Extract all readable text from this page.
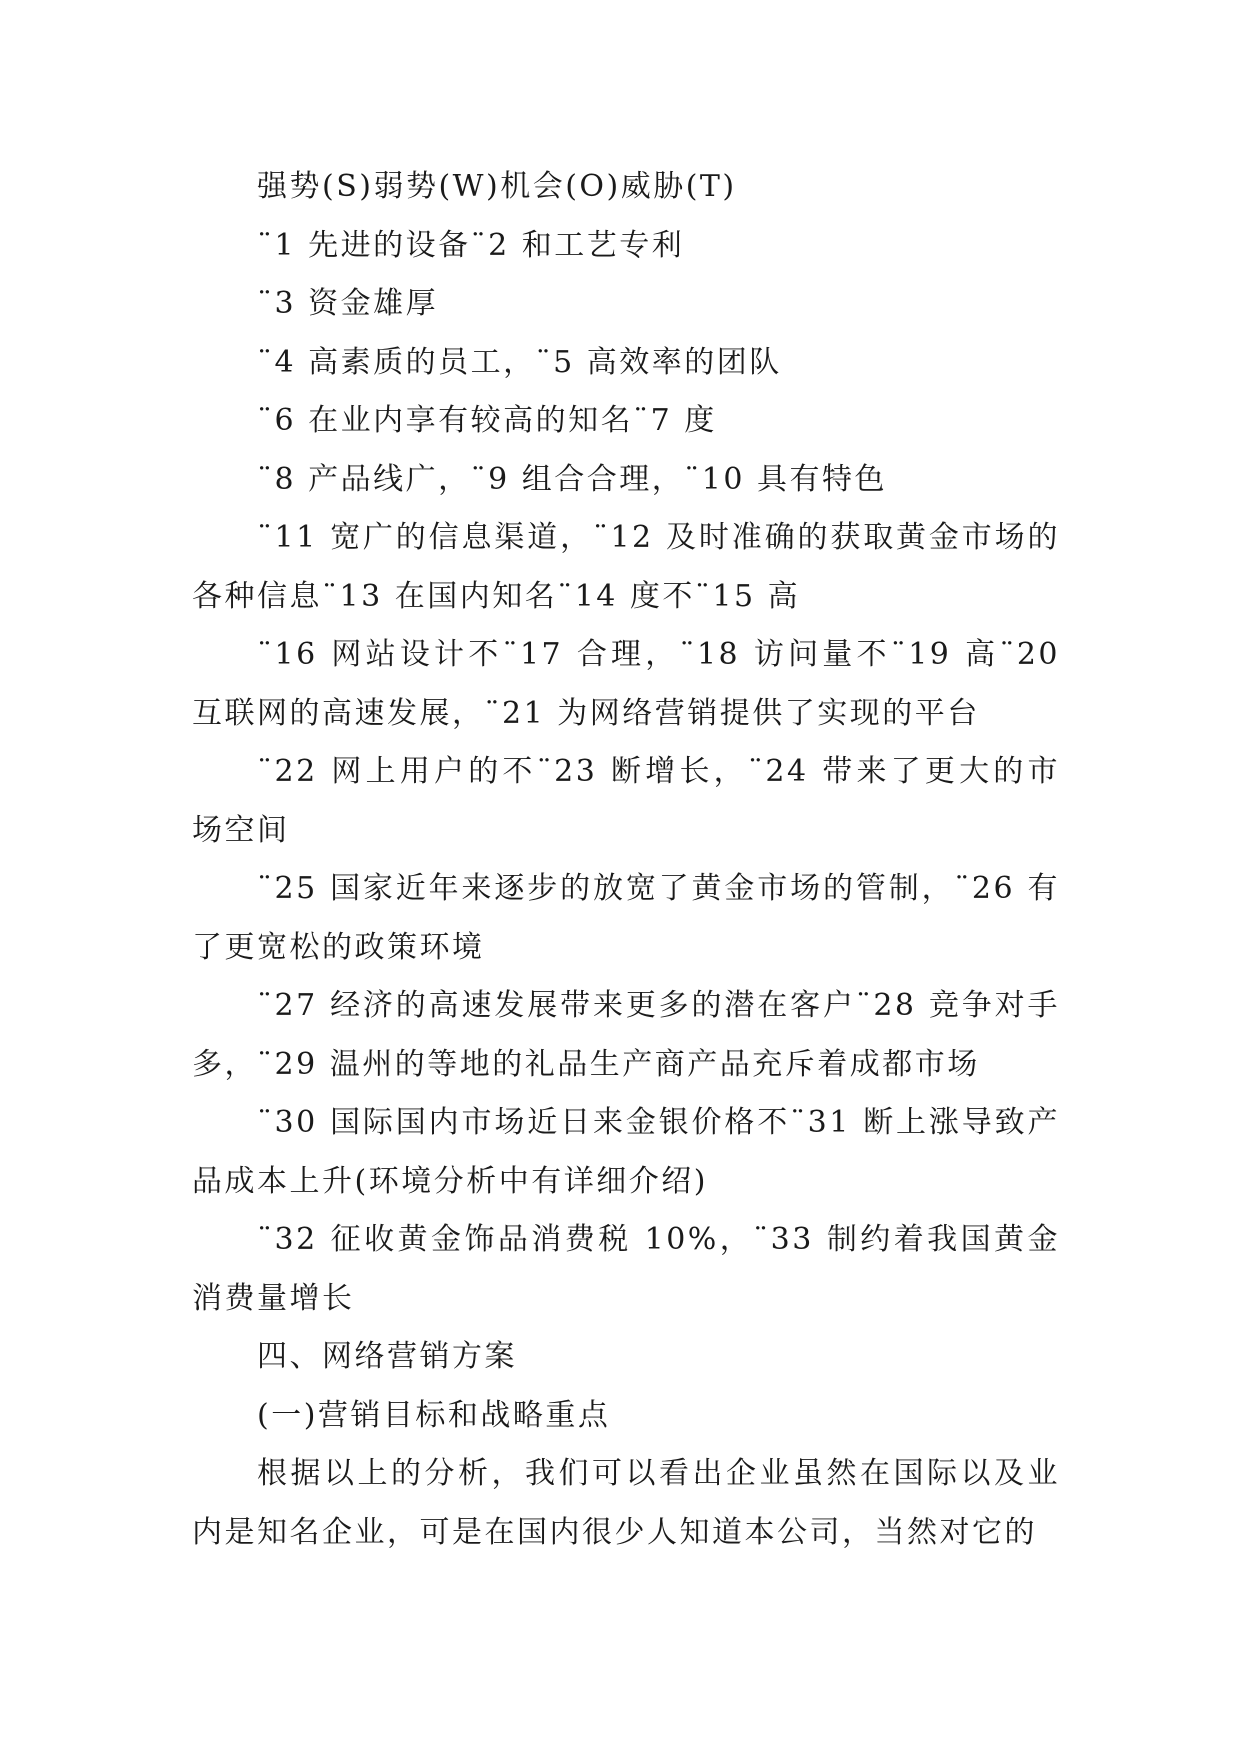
强势(S)弱势(W)机会(O)威胁(T)

¨1 先进的设备¨2 和工艺专利

¨3 资金雄厚

¨4 高素质的员工，¨5 高效率的团队

¨6 在业内享有较高的知名¨7 度

¨8 产品线广，¨9 组合合理，¨10 具有特色

¨11 宽广的信息渠道，¨12 及时准确的获取黄金市场的各种信息¨13 在国内知名¨14 度不¨15 高

¨16 网站设计不¨17 合理，¨18 访问量不¨19 高¨20 互联网的高速发展，¨21 为网络营销提供了实现的平台

¨22 网上用户的不¨23 断增长，¨24 带来了更大的市场空间

¨25 国家近年来逐步的放宽了黄金市场的管制，¨26 有了更宽松的政策环境

¨27 经济的高速发展带来更多的潜在客户¨28 竞争对手多，¨29 温州的等地的礼品生产商产品充斥着成都市场

¨30 国际国内市场近日来金银价格不¨31 断上涨导致产品成本上升(环境分析中有详细介绍)

¨32 征收黄金饰品消费税 10%，¨33 制约着我国黄金消费量增长

四、网络营销方案

(一)营销目标和战略重点

根据以上的分析，我们可以看出企业虽然在国际以及业内是知名企业，可是在国内很少人知道本公司，当然对它的
